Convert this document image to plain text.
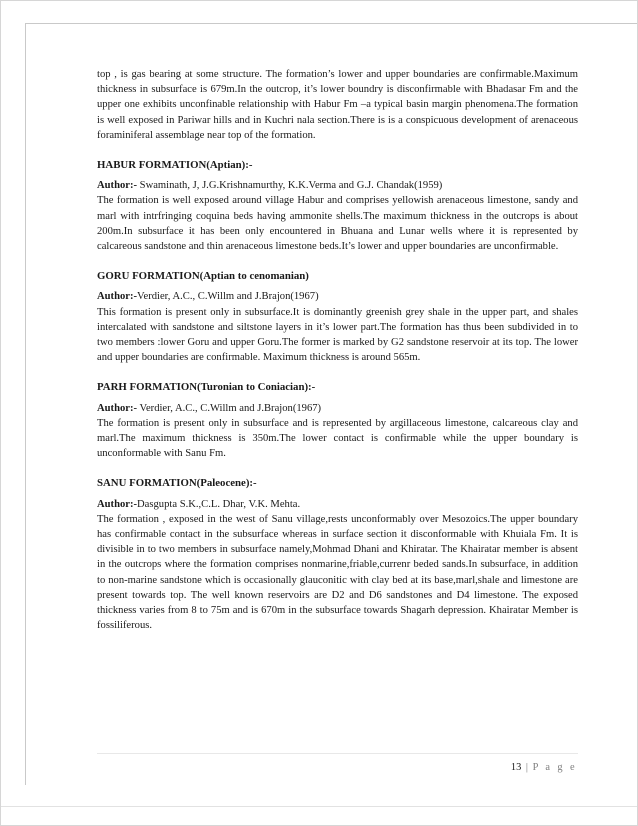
top , is gas bearing at some structure. The formation’s lower and upper boundaries are confirmable.Maximum thickness in subsurface is 679m.In the outcrop, it’s lower boundry is disconfirmable with Bhadasar Fm and the upper one exhibits unconfinable relationship with Habur Fm –a typical basin margin phenomena.The formation is well exposed in Pariwar hills and in Kuchri nala section.There is is a conspicuous development of arenaceous foraminiferal assemblage near top of the formation.

HABUR FORMATION(Aptian):-

Author:- Swaminath, J, J.G.Krishnamurthy, K.K.Verma and G.J. Chandak(1959)

The formation is well exposed around village Habur and comprises yellowish arenaceous limestone, sandy and marl with intrfringing coquina beds having ammonite shells.The maximum thickness in the outcrops is about 200m.In subsurface it has been only encountered in Bhuana and Lunar wells where it is represented by calcareous sandstone and thin arenaceous limestone beds.It’s lower and upper boundaries are unconfirmable.

GORU FORMATION(Aptian to cenomanian)

Author:-Verdier, A.C., C.Willm and J.Brajon(1967)

This formation is present only in subsurface.It is dominantly greenish grey shale in the upper part, and shales intercalated with sandstone and siltstone layers in it’s lower part.The formation has thus been subdivided in to two members :lower Goru and upper Goru.The former is marked by G2 sandstone reservoir at its top. The lower and upper boundaries are confirmable. Maximum thickness is around 565m.

PARH FORMATION(Turonian to Coniacian):-

Author:- Verdier, A.C., C.Willm and J.Brajon(1967)

The formation is present only in subsurface and is represented by argillaceous limestone, calcareous clay and marl.The maximum thickness is 350m.The lower contact is confirmable while the upper boundary is unconformable with Sanu Fm.

SANU FORMATION(Paleocene):-

Author:-Dasgupta S.K.,C.L. Dhar, V.K. Mehta.

The formation , exposed in the west of Sanu village,rests unconformably over Mesozoics.The upper boundary has confirmable contact in the subsurface whereas in surface section it disconformable with Khuiala Fm. It is divisible in to two members in subsurface namely,Mohmad Dhani and Khiratar. The Khairatar member is absent in the outcrops where the formation comprises nonmarine,friable,currenr beded sands.In subsurface, in addition to non-marine sandstone which is occasionally glauconitic with clay bed at its base,marl,shale and limestone are present towards top. The well known reservoirs are D2 and D6 sandstones and D4 limestone. The exposed thickness varies from 8 to 75m and is 670m in the subsurface towards Shagarh depression. Khairatar Member is fossiliferous.

13 | P a g e
